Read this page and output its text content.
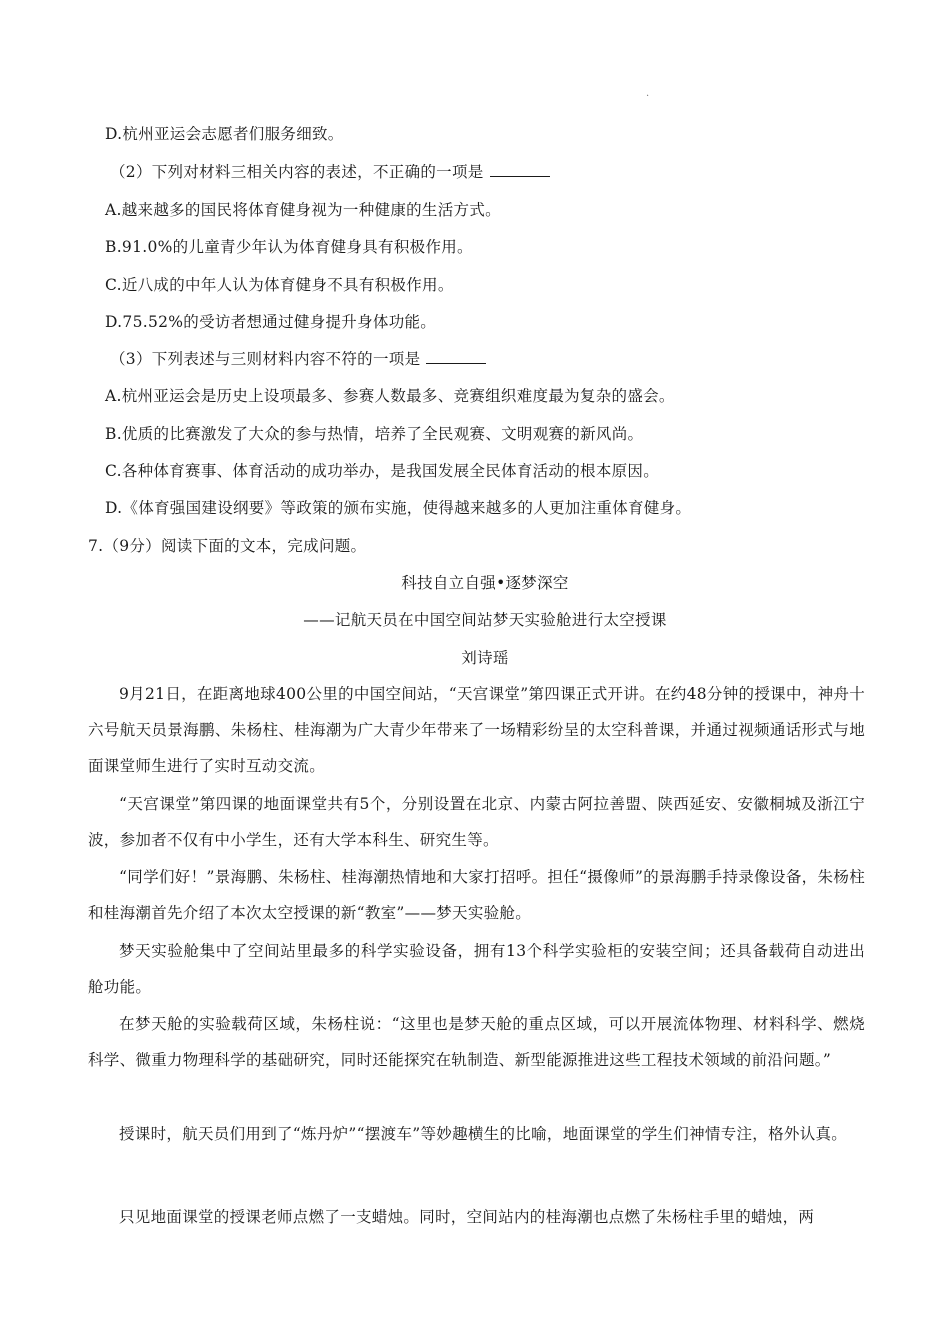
.
D.杭州亚运会志愿者们服务细致。
（2）下列对材料三相关内容的表述，不正确的一项是
A.越来越多的国民将体育健身视为一种健康的生活方式。
B.91.0%的儿童青少年认为体育健身具有积极作用。
C.近八成的中年人认为体育健身不具有积极作用。
D.75.52%的受访者想通过健身提升身体功能。
（3）下列表述与三则材料内容不符的一项是
A.杭州亚运会是历史上设项最多、参赛人数最多、竞赛组织难度最为复杂的盛会。
B.优质的比赛激发了大众的参与热情，培养了全民观赛、文明观赛的新风尚。
C.各种体育赛事、体育活动的成功举办，是我国发展全民体育活动的根本原因。
D.《体育强国建设纲要》等政策的颁布实施，使得越来越多的人更加注重体育健身。
7.（9分）阅读下面的文本，完成问题。
科技自立自强•逐梦深空
——记航天员在中国空间站梦天实验舱进行太空授课
刘诗瑶
9月21日，在距离地球400公里的中国空间站，“天宫课堂”第四课正式开讲。在约48分钟的授课中，神舟十六号航天员景海鹏、朱杨柱、桂海潮为广大青少年带来了一场精彩纷呈的太空科普课，并通过视频通话形式与地面课堂师生进行了实时互动交流。
“天宫课堂”第四课的地面课堂共有5个，分别设置在北京、内蒙古阿拉善盟、陕西延安、安徽桐城及浙江宁波，参加者不仅有中小学生，还有大学本科生、研究生等。
“同学们好！”景海鹏、朱杨柱、桂海潮热情地和大家打招呼。担任“摄像师”的景海鹏手持录像设备，朱杨柱和桂海潮首先介绍了本次太空授课的新“教室”——梦天实验舱。
梦天实验舱集中了空间站里最多的科学实验设备，拥有13个科学实验柜的安装空间；还具备载荷自动进出舱功能。
在梦天舱的实验载荷区域，朱杨柱说：“这里也是梦天舱的重点区域，可以开展流体物理、材料科学、燃烧科学、微重力物理科学的基础研究，同时还能探究在轨制造、新型能源推进这些工程技术领域的前沿问题。”
授课时，航天员们用到了“炼丹炉”“摆渡车”等妙趣横生的比喻，地面课堂的学生们神情专注，格外认真。
只见地面课堂的授课老师点燃了一支蜡烛。同时，空间站内的桂海潮也点燃了朱杨柱手里的蜡烛，两
